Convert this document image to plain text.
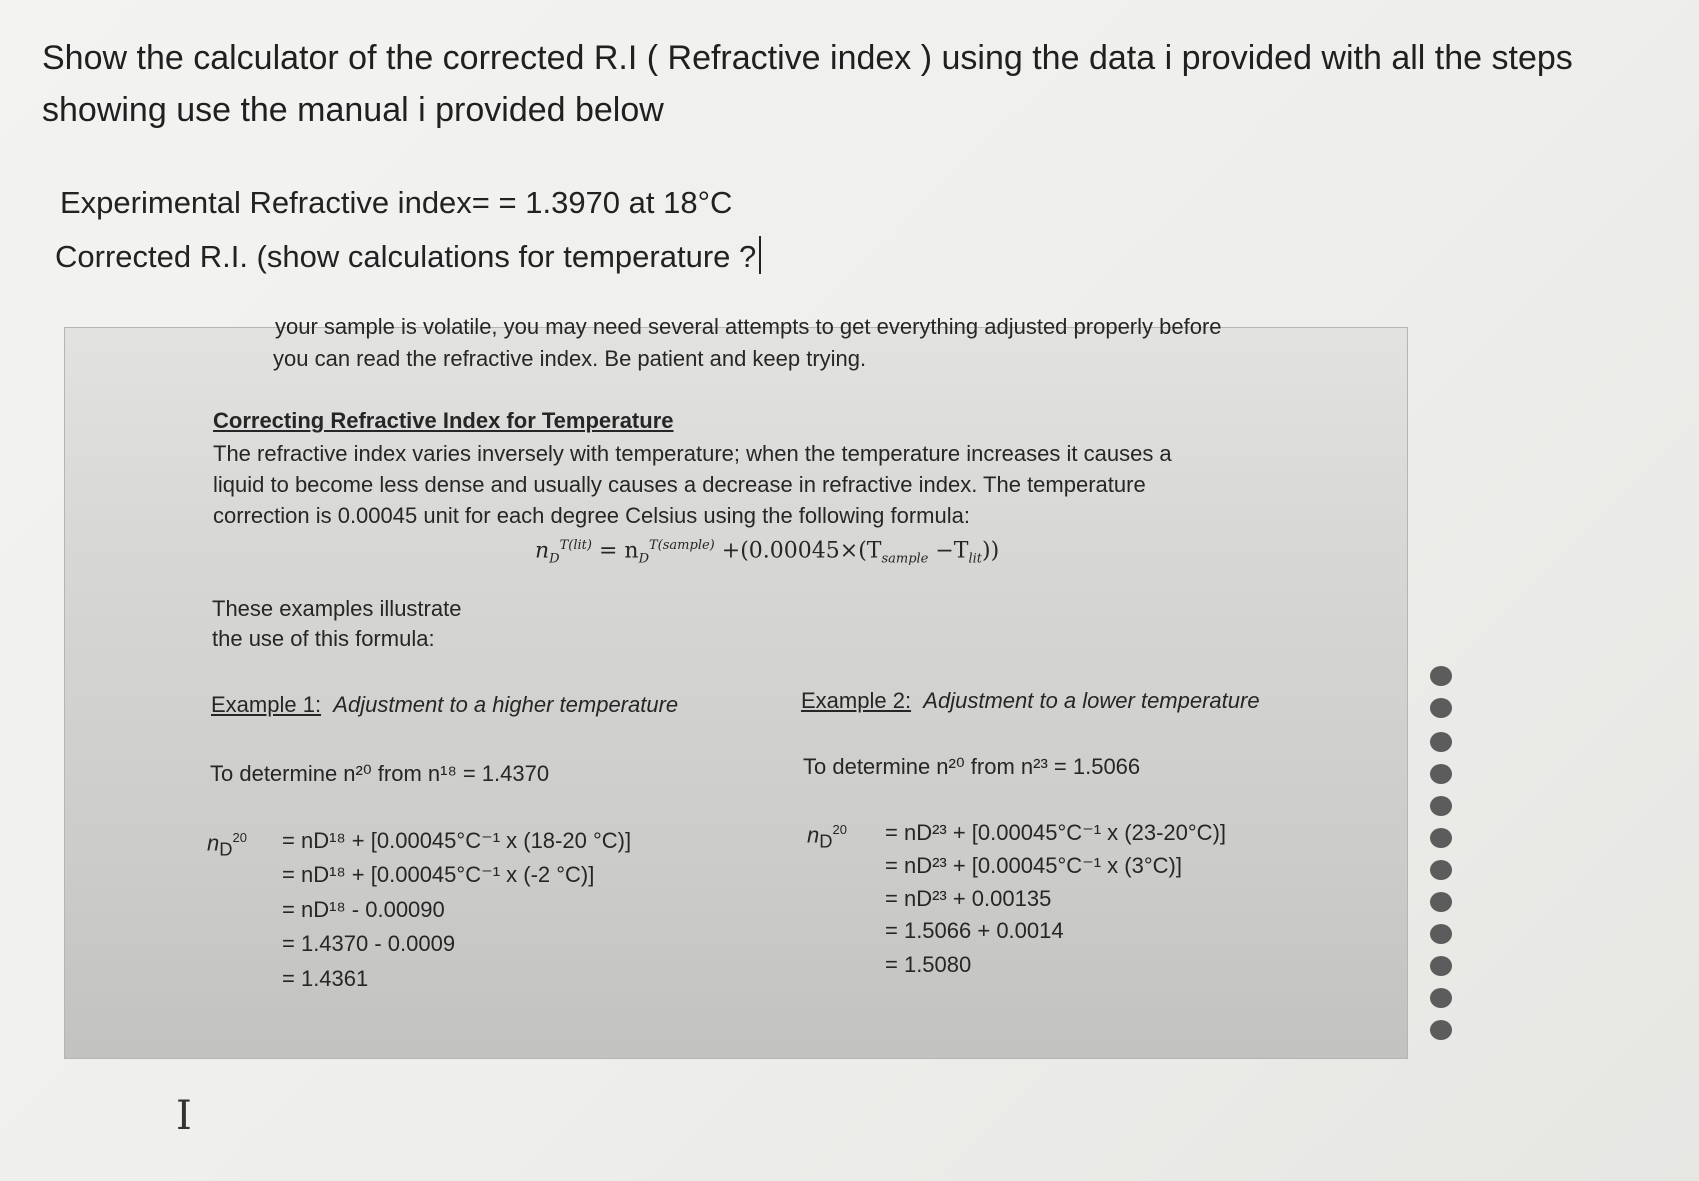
Show the calculator of the corrected R.I ( Refractive index ) using the data i provided with all the steps showing use the manual i provided below
Experimental Refractive index= = 1.3970 at 18°C
Corrected R.I. (show calculations for temperature ?
your sample is volatile, you may need several attempts to get everything adjusted properly before
you can read the refractive index. Be patient and keep trying.
Correcting Refractive Index for Temperature
The refractive index varies inversely with temperature; when the temperature increases it causes a liquid to become less dense and usually causes a decrease in refractive index. The temperature correction is 0.00045 unit for each degree Celsius using the following formula:
$n_D^{T(lit)} = n_D^{T(sample)} +(0.00045\times(T_{sample} -T_{lit}))$
These examples illustrate
the use of this formula:
Example 1: Adjustment to a higher temperature	Example 2: Adjustment to a lower temperature
To determine n²⁰ from n¹⁸ = 1.4370	To determine n²⁰ from n²³ = 1.5066
$n_D^{20} = nD^{18} + [0.00045^\circ C^{-1}$ x (18-20 °C)]
= nD¹⁸ + [0.00045°C⁻¹ x (-2 °C)]
= nD¹⁸ - 0.00090
= 1.4370 - 0.0009
= 1.4361
$n_D^{20} = nD^{23} + [0.00045^\circ C^{-1}$ x (23-20°C)]
= nD²³ + [0.00045°C⁻¹ x (3°C)]
= nD²³ + 0.00135
= 1.5066 + 0.0014
= 1.5080
I
